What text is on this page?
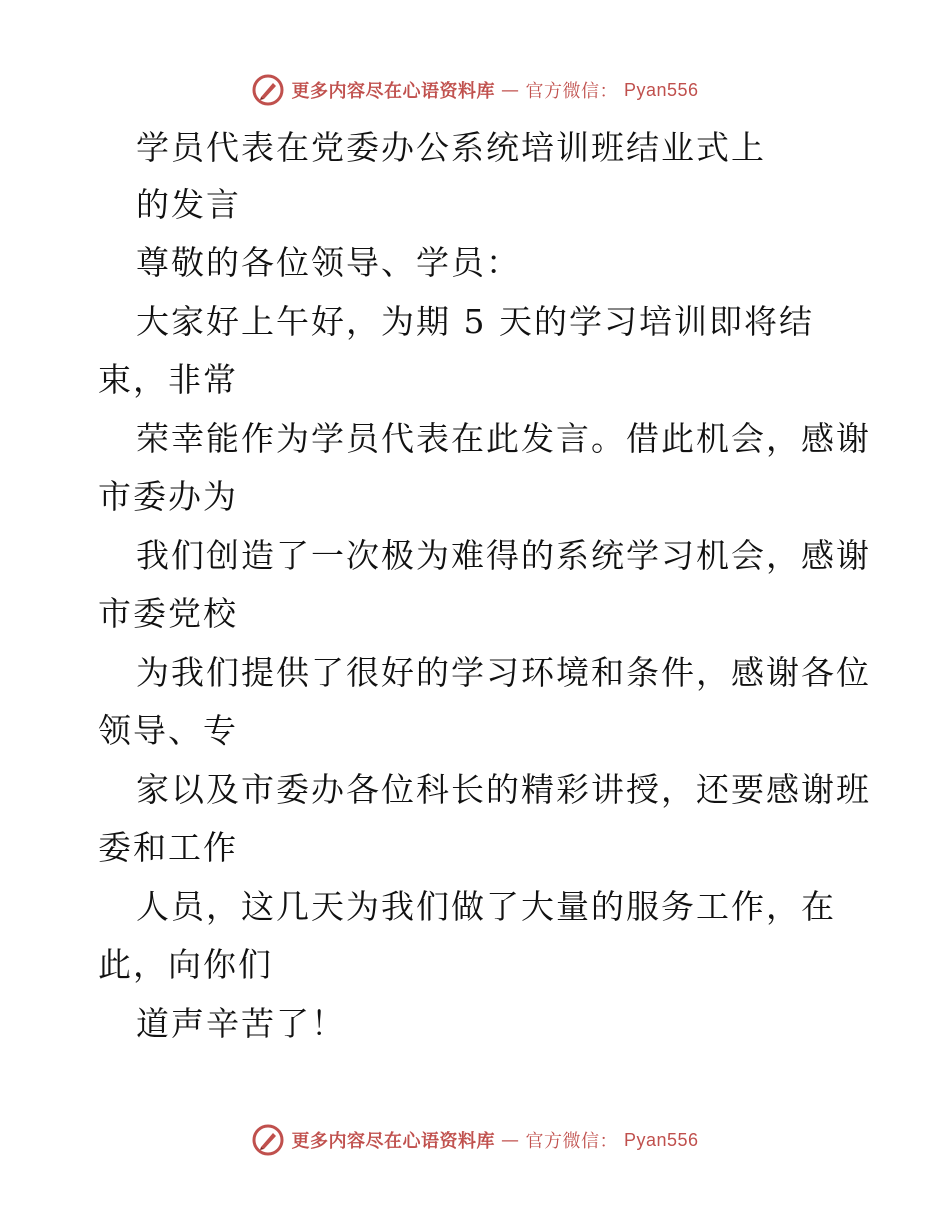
更多内容尽在心语资料库 — 官方微信： Pyan556
学员代表在党委办公系统培训班结业式上
的发言
尊敬的各位领导、学员：
大家好上午好，为期 5 天的学习培训即将结
束，非常
荣幸能作为学员代表在此发言。借此机会，感谢
市委办为
我们创造了一次极为难得的系统学习机会，感谢
市委党校
为我们提供了很好的学习环境和条件，感谢各位
领导、专
家以及市委办各位科长的精彩讲授，还要感谢班
委和工作
人员，这几天为我们做了大量的服务工作，在
此，向你们
道声辛苦了！
更多内容尽在心语资料库 — 官方微信： Pyan556
